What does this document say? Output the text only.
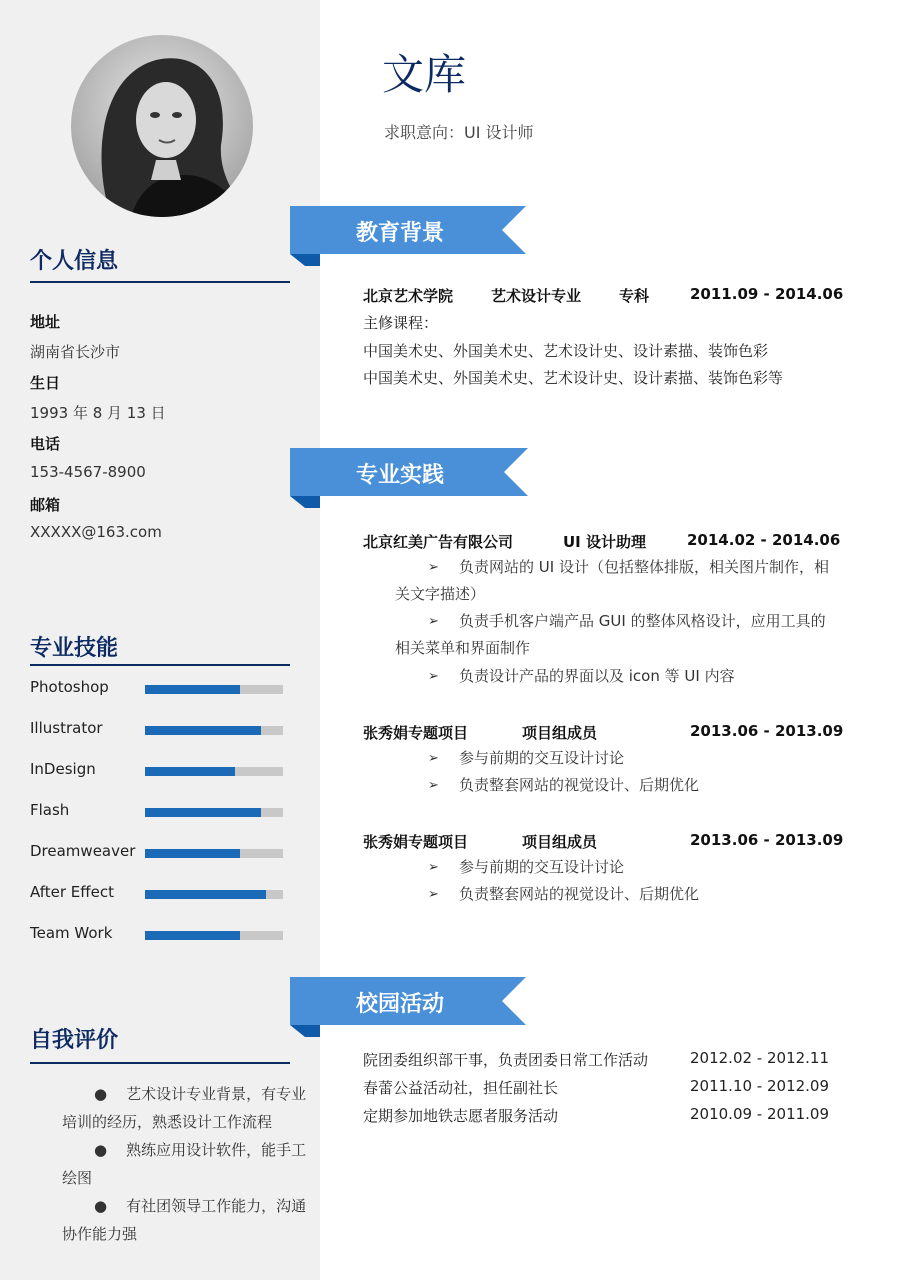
个人信息
地址
湖南省长沙市
生日
1993 年 8 月 13 日
电话
153-4567-8900
邮箱
XXXXX@163.com
专业技能
Photoshop
Illustrator
InDesign
Flash
Dreamweaver
After Effect
Team Work
自我评价

● 艺术设计专业背景，有专业培训的经历，熟悉设计工作流程

● 熟练应用设计软件，能手工绘图

● 有社团领导工作能力，沟通协作能力强

文库
求职意向：UI 设计师
教育背景
专业实践
校园活动
北京艺术学院	艺术设计专业	专科	2011.09 - 2014.06
主修课程：
中国美术史、外国美术史、艺术设计史、设计素描、装饰色彩
中国美术史、外国美术史、艺术设计史、设计素描、装饰色彩等
北京红美广告有限公司	UI 设计助理	2014.02 - 2014.06
➢ 负责网站的 UI 设计（包括整体排版，相关图片制作，相
关文字描述）
➢ 负责手机客户端产品 GUI 的整体风格设计，应用工具的
相关菜单和界面制作
➢ 负责设计产品的界面以及 icon 等 UI 内容
张秀娟专题项目	项目组成员	2013.06 - 2013.09
➢ 参与前期的交互设计讨论
➢ 负责整套网站的视觉设计、后期优化
张秀娟专题项目	项目组成员	2013.06 - 2013.09
➢ 参与前期的交互设计讨论
➢ 负责整套网站的视觉设计、后期优化
院团委组织部干事，负责团委日常工作活动	2012.02 - 2012.11
春蕾公益活动社，担任副社长	2011.10 - 2012.09
定期参加地铁志愿者服务活动	2010.09 - 2011.09
